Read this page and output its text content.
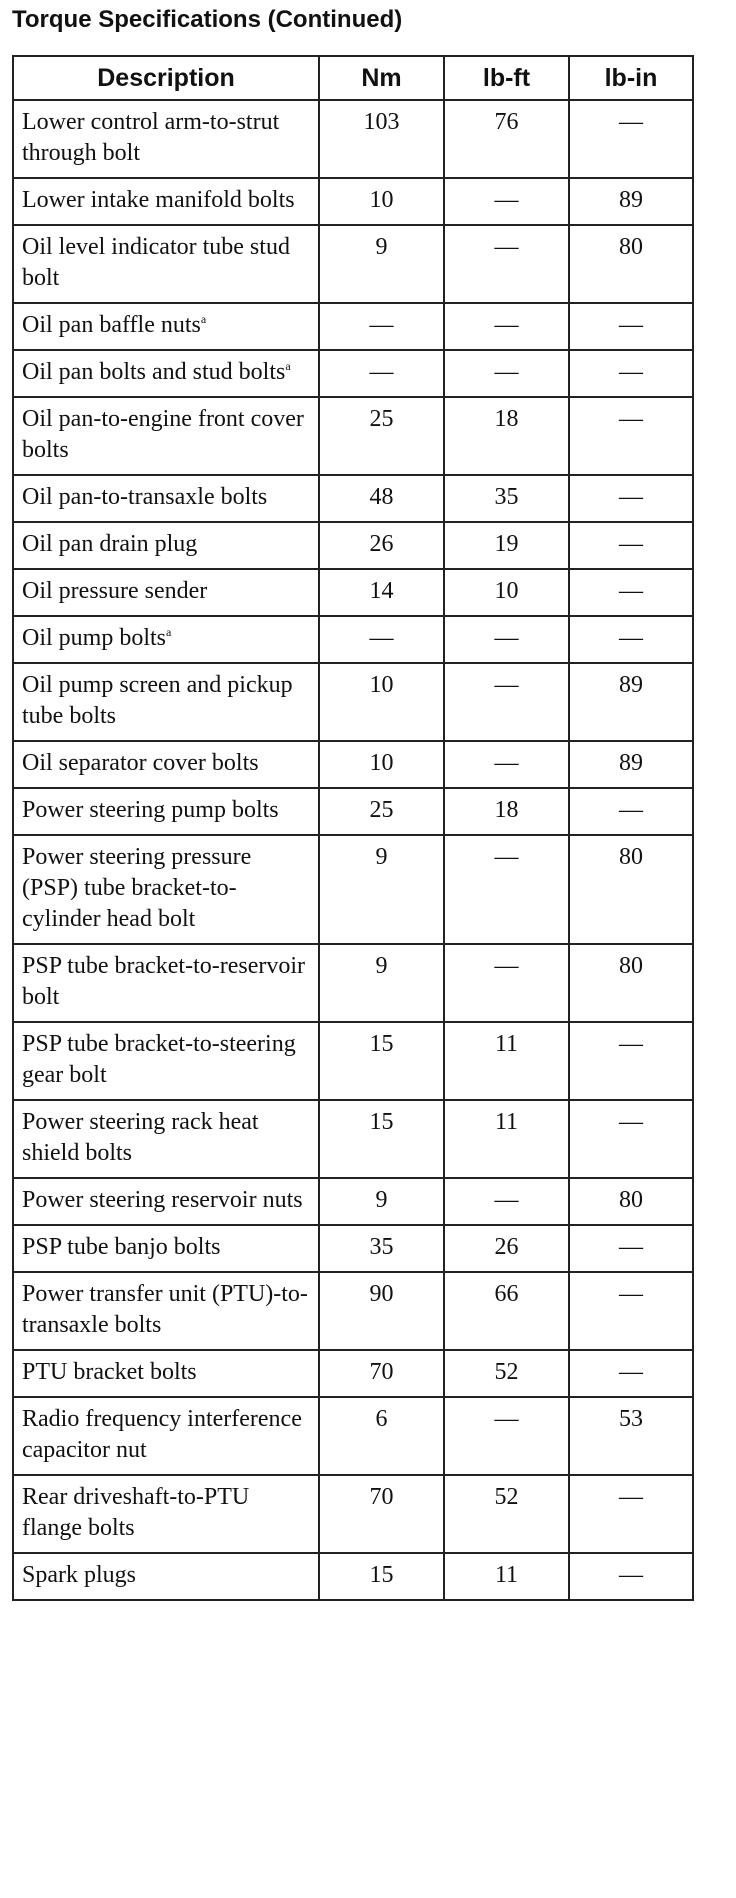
Torque Specifications (Continued)
Description	Nm	lb-ft	lb-in
Lower control arm-to-strut through bolt	103	76	—
Lower intake manifold bolts	10	—	89
Oil level indicator tube stud bolt	9	—	80
Oil pan baffle nuts$^a$	—	—	—
Oil pan bolts and stud bolts$^a$	—	—	—
Oil pan-to-engine front cover bolts	25	18	—
Oil pan-to-transaxle bolts	48	35	—
Oil pan drain plug	26	19	—
Oil pressure sender	14	10	—
Oil pump bolts$^a$	—	—	—
Oil pump screen and pickup tube bolts	10	—	89
Oil separator cover bolts	10	—	89
Power steering pump bolts	25	18	—
Power steering pressure (PSP) tube bracket-to-cylinder head bolt	9	—	80
PSP tube bracket-to-reservoir bolt	9	—	80
PSP tube bracket-to-steering gear bolt	15	11	—
Power steering rack heat shield bolts	15	11	—
Power steering reservoir nuts	9	—	80
PSP tube banjo bolts	35	26	—
Power transfer unit (PTU)-to-transaxle bolts	90	66	—
PTU bracket bolts	70	52	—
Radio frequency interference capacitor nut	6	—	53
Rear driveshaft-to-PTU flange bolts	70	52	—
Spark plugs	15	11	—
